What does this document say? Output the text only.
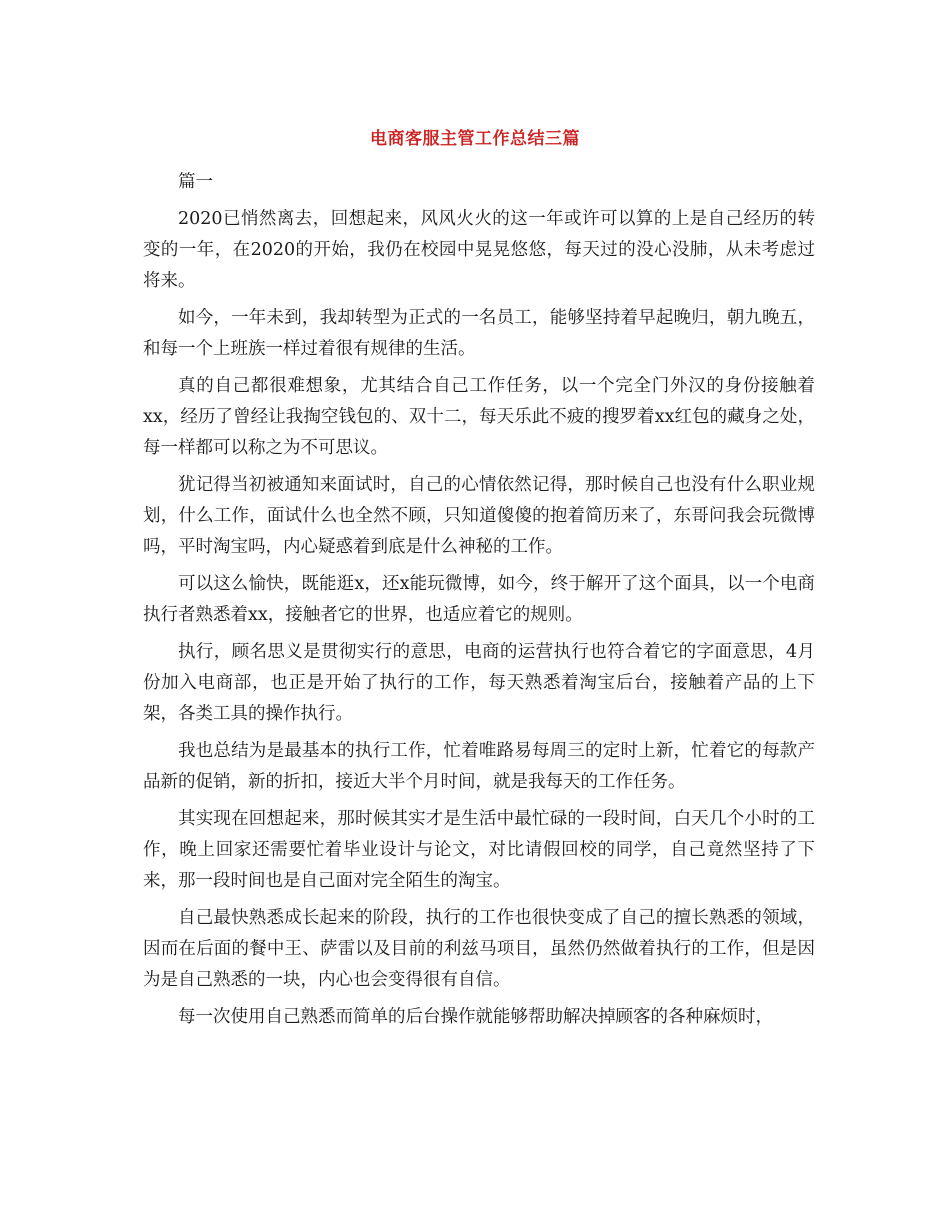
电商客服主管工作总结三篇

篇一

2020已悄然离去，回想起来，风风火火的这一年或许可以算的上是自己经历的转变的一年，在2020的开始，我仍在校园中晃晃悠悠，每天过的没心没肺，从未考虑过将来。

如今，一年未到，我却转型为正式的一名员工，能够坚持着早起晚归，朝九晚五，和每一个上班族一样过着很有规律的生活。

真的自己都很难想象，尤其结合自己工作任务，以一个完全门外汉的身份接触着xx，经历了曾经让我掏空钱包的、双十二，每天乐此不疲的搜罗着xx红包的藏身之处，每一样都可以称之为不可思议。

犹记得当初被通知来面试时，自己的心情依然记得，那时候自己也没有什么职业规划，什么工作，面试什么也全然不顾，只知道傻傻的抱着简历来了，东哥问我会玩微博吗，平时淘宝吗，内心疑惑着到底是什么神秘的工作。

可以这么愉快，既能逛x，还x能玩微博，如今，终于解开了这个面具，以一个电商执行者熟悉着xx，接触者它的世界，也适应着它的规则。

执行，顾名思义是贯彻实行的意思，电商的运营执行也符合着它的字面意思，4月份加入电商部，也正是开始了执行的工作，每天熟悉着淘宝后台，接触着产品的上下架，各类工具的操作执行。

我也总结为是最基本的执行工作，忙着唯路易每周三的定时上新，忙着它的每款产品新的促销，新的折扣，接近大半个月时间，就是我每天的工作任务。

其实现在回想起来，那时候其实才是生活中最忙碌的一段时间，白天几个小时的工作，晚上回家还需要忙着毕业设计与论文，对比请假回校的同学，自己竟然坚持了下来，那一段时间也是自己面对完全陌生的淘宝。

自己最快熟悉成长起来的阶段，执行的工作也很快变成了自己的擅长熟悉的领域，因而在后面的餐中王、萨雷以及目前的利兹马项目，虽然仍然做着执行的工作，但是因为是自己熟悉的一块，内心也会变得很有自信。

每一次使用自己熟悉而简单的后台操作就能够帮助解决掉顾客的各种麻烦时，
